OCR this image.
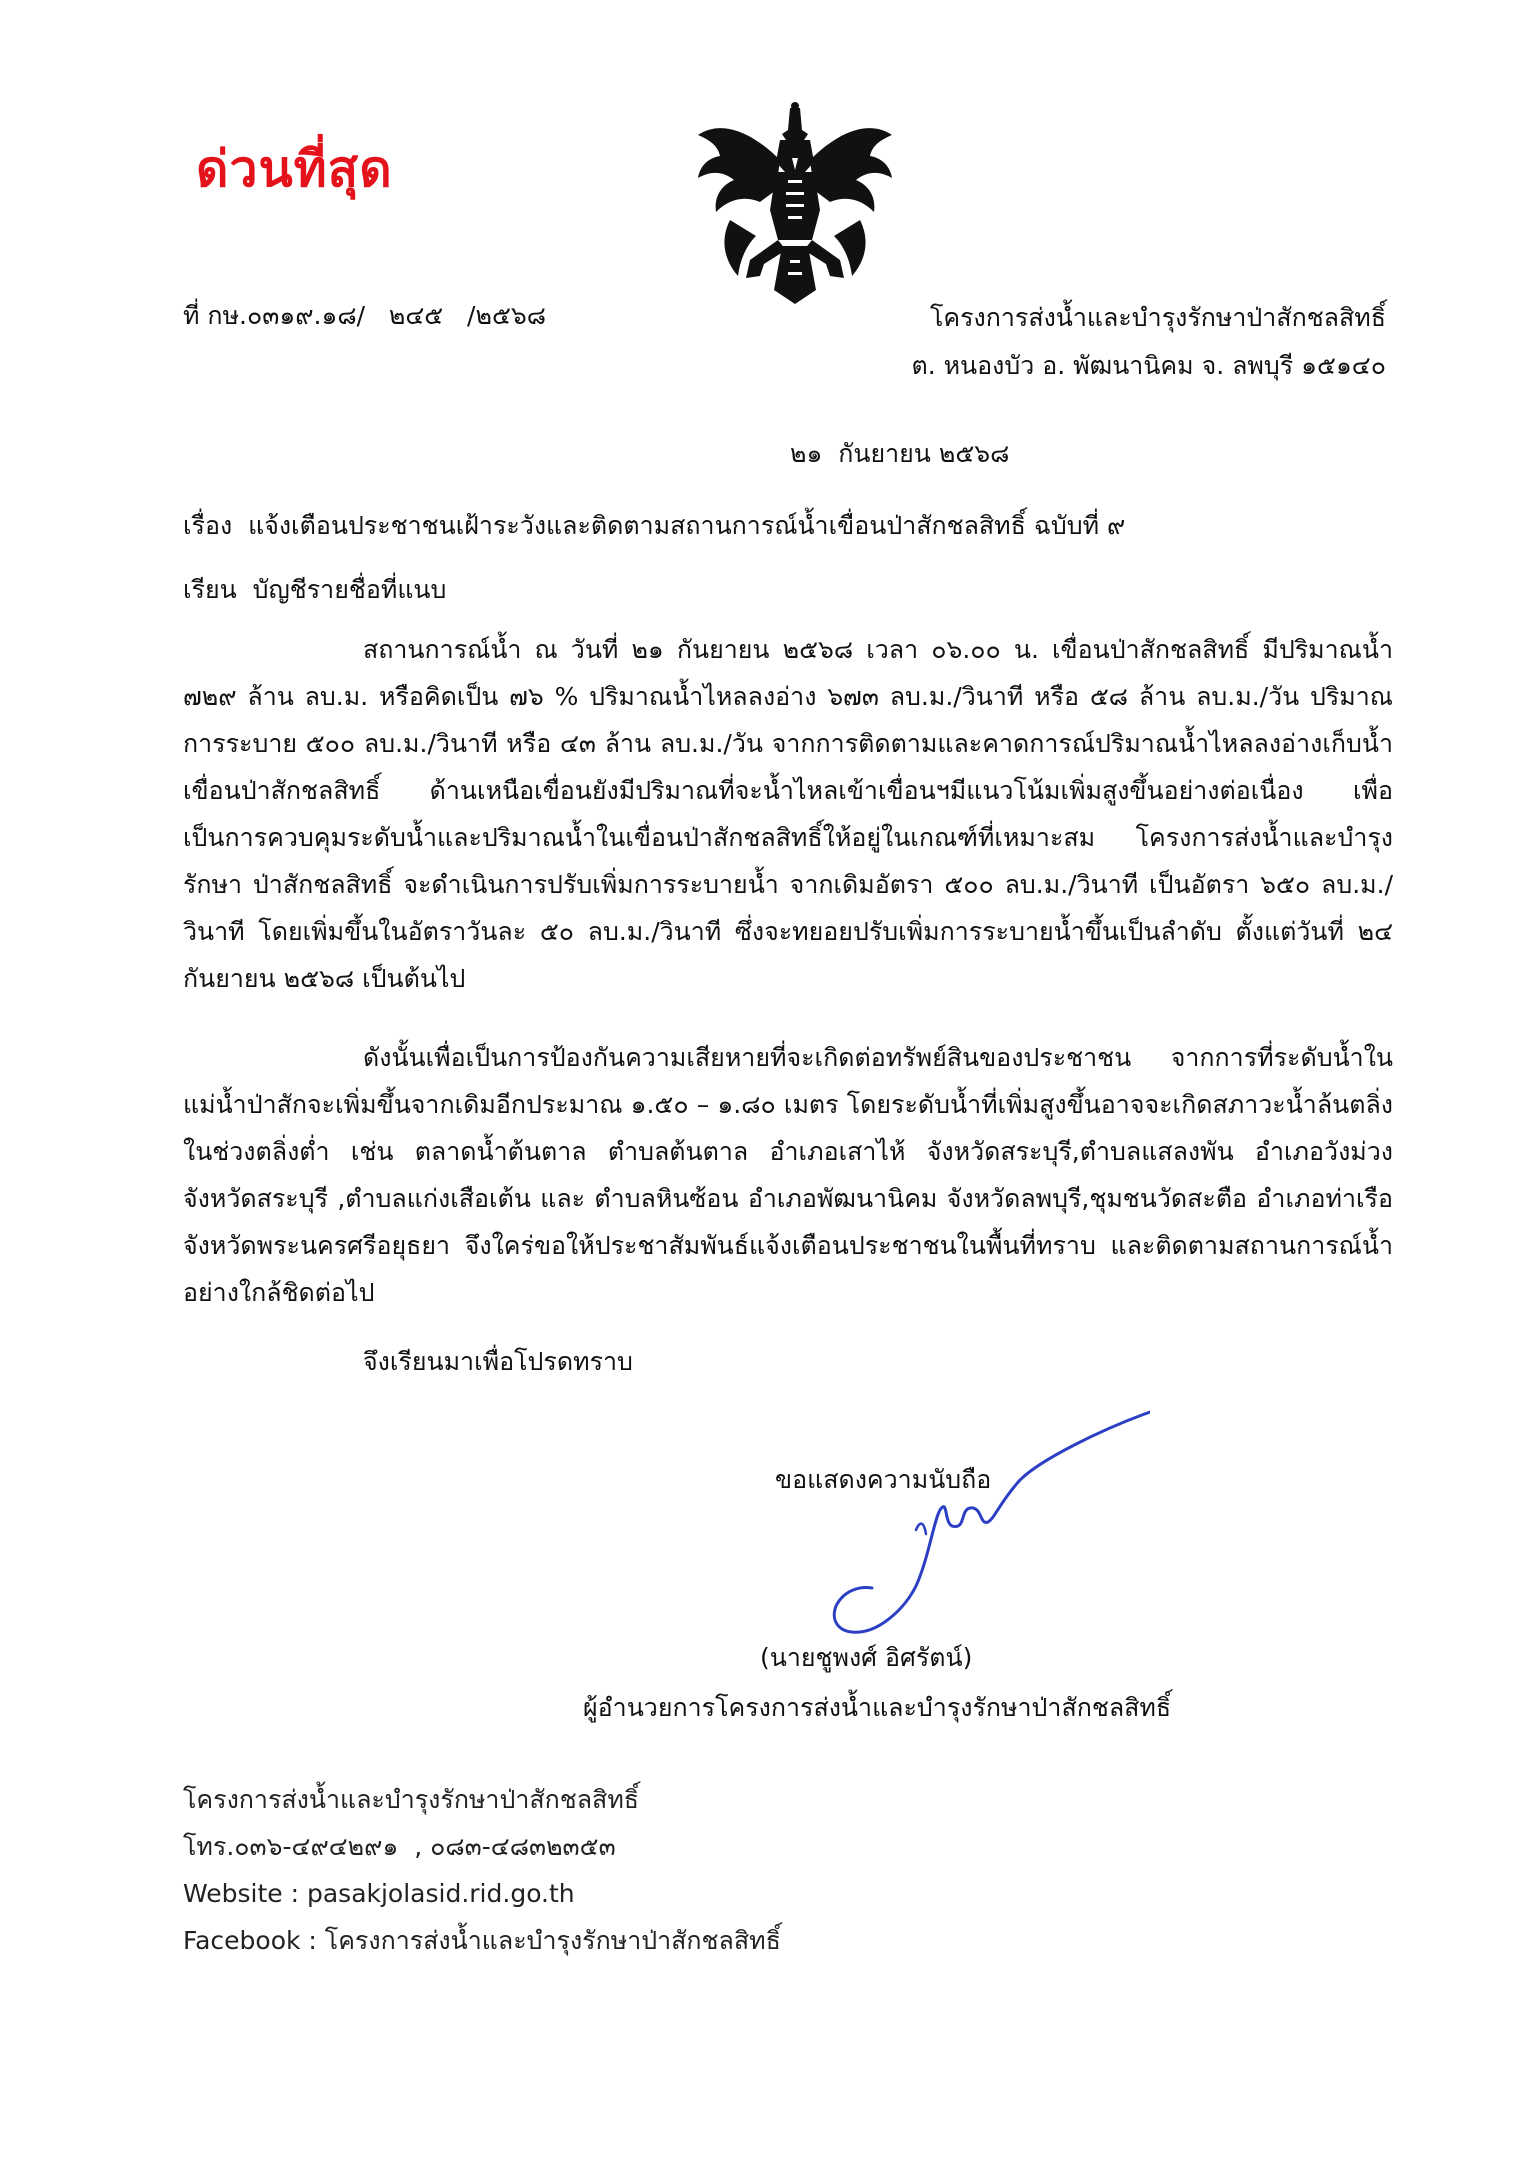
ด่วนที่สุด
ที่ กษ.๐๓๑๙.๑๘/   ๒๔๕   /๒๕๖๘	โครงการส่งน้ำและบำรุงรักษาป่าสักชลสิทธิ์
ต. หนองบัว อ. พัฒนานิคม จ. ลพบุรี ๑๕๑๔๐
๒๑  กันยายน ๒๕๖๘
เรื่อง  แจ้งเตือนประชาชนเฝ้าระวังและติดตามสถานการณ์น้ำเขื่อนป่าสักชลสิทธิ์ ฉบับที่ ๙
เรียน  บัญชีรายชื่อที่แนบ

สถานการณ์น้ำ ณ วันที่ ๒๑ กันยายน ๒๕๖๘ เวลา ๐๖.๐๐ น. เขื่อนป่าสักชลสิทธิ์ มีปริมาณน้ำ ๗๒๙ ล้าน ลบ.ม. หรือคิดเป็น ๗๖ % ปริมาณน้ำไหลลงอ่าง ๖๗๓ ลบ.ม./วินาที หรือ ๕๘ ล้าน ลบ.ม./วัน ปริมาณการระบาย ๕๐๐ ลบ.ม./วินาที หรือ ๔๓ ล้าน ลบ.ม./วัน จากการติดตามและคาดการณ์ปริมาณน้ำไหลลงอ่างเก็บน้ำเขื่อนป่าสักชลสิทธิ์ ด้านเหนือเขื่อนยังมีปริมาณที่จะน้ำไหลเข้าเขื่อนฯมีแนวโน้มเพิ่มสูงขึ้นอย่างต่อเนื่อง เพื่อเป็นการควบคุมระดับน้ำและปริมาณน้ำในเขื่อนป่าสักชลสิทธิ์ให้อยู่ในเกณฑ์ที่เหมาะสม โครงการส่งน้ำและบำรุงรักษา ป่าสักชลสิทธิ์ จะดำเนินการปรับเพิ่มการระบายน้ำ จากเดิมอัตรา ๕๐๐ ลบ.ม./วินาที เป็นอัตรา ๖๕๐ ลบ.ม./วินาที โดยเพิ่มขึ้นในอัตราวันละ ๕๐ ลบ.ม./วินาที ซึ่งจะทยอยปรับเพิ่มการระบายน้ำขึ้นเป็นลำดับ ตั้งแต่วันที่ ๒๔ กันยายน ๒๕๖๘ เป็นต้นไป

ดังนั้นเพื่อเป็นการป้องกันความเสียหายที่จะเกิดต่อทรัพย์สินของประชาชน จากการที่ระดับน้ำในแม่น้ำป่าสักจะเพิ่มขึ้นจากเดิมอีกประมาณ ๑.๕๐ – ๑.๘๐ เมตร โดยระดับน้ำที่เพิ่มสูงขึ้นอาจจะเกิดสภาวะน้ำล้นตลิ่งในช่วงตลิ่งต่ำ เช่น ตลาดน้ำต้นตาล ตำบลต้นตาล อำเภอเสาไห้ จังหวัดสระบุรี,ตำบลแสลงพัน อำเภอวังม่วง จังหวัดสระบุรี ,ตำบลแก่งเสือเต้น และ ตำบลหินซ้อน อำเภอพัฒนานิคม จังหวัดลพบุรี,ชุมชนวัดสะตือ อำเภอท่าเรือ จังหวัดพระนครศรีอยุธยา จึงใคร่ขอให้ประชาสัมพันธ์แจ้งเตือนประชาชนในพื้นที่ทราบ และติดตามสถานการณ์น้ำอย่างใกล้ชิดต่อไป

จึงเรียนมาเพื่อโปรดทราบ
ขอแสดงความนับถือ
(นายชูพงศ์ อิศรัตน์)
ผู้อำนวยการโครงการส่งน้ำและบำรุงรักษาป่าสักชลสิทธิ์
โครงการส่งน้ำและบำรุงรักษาป่าสักชลสิทธิ์
โทร.๐๓๖-๔๙๔๒๙๑  , ๐๘๓-๔๘๓๒๓๕๓
Website : pasakjolasid.rid.go.th
Facebook : โครงการส่งน้ำและบำรุงรักษาป่าสักชลสิทธิ์
